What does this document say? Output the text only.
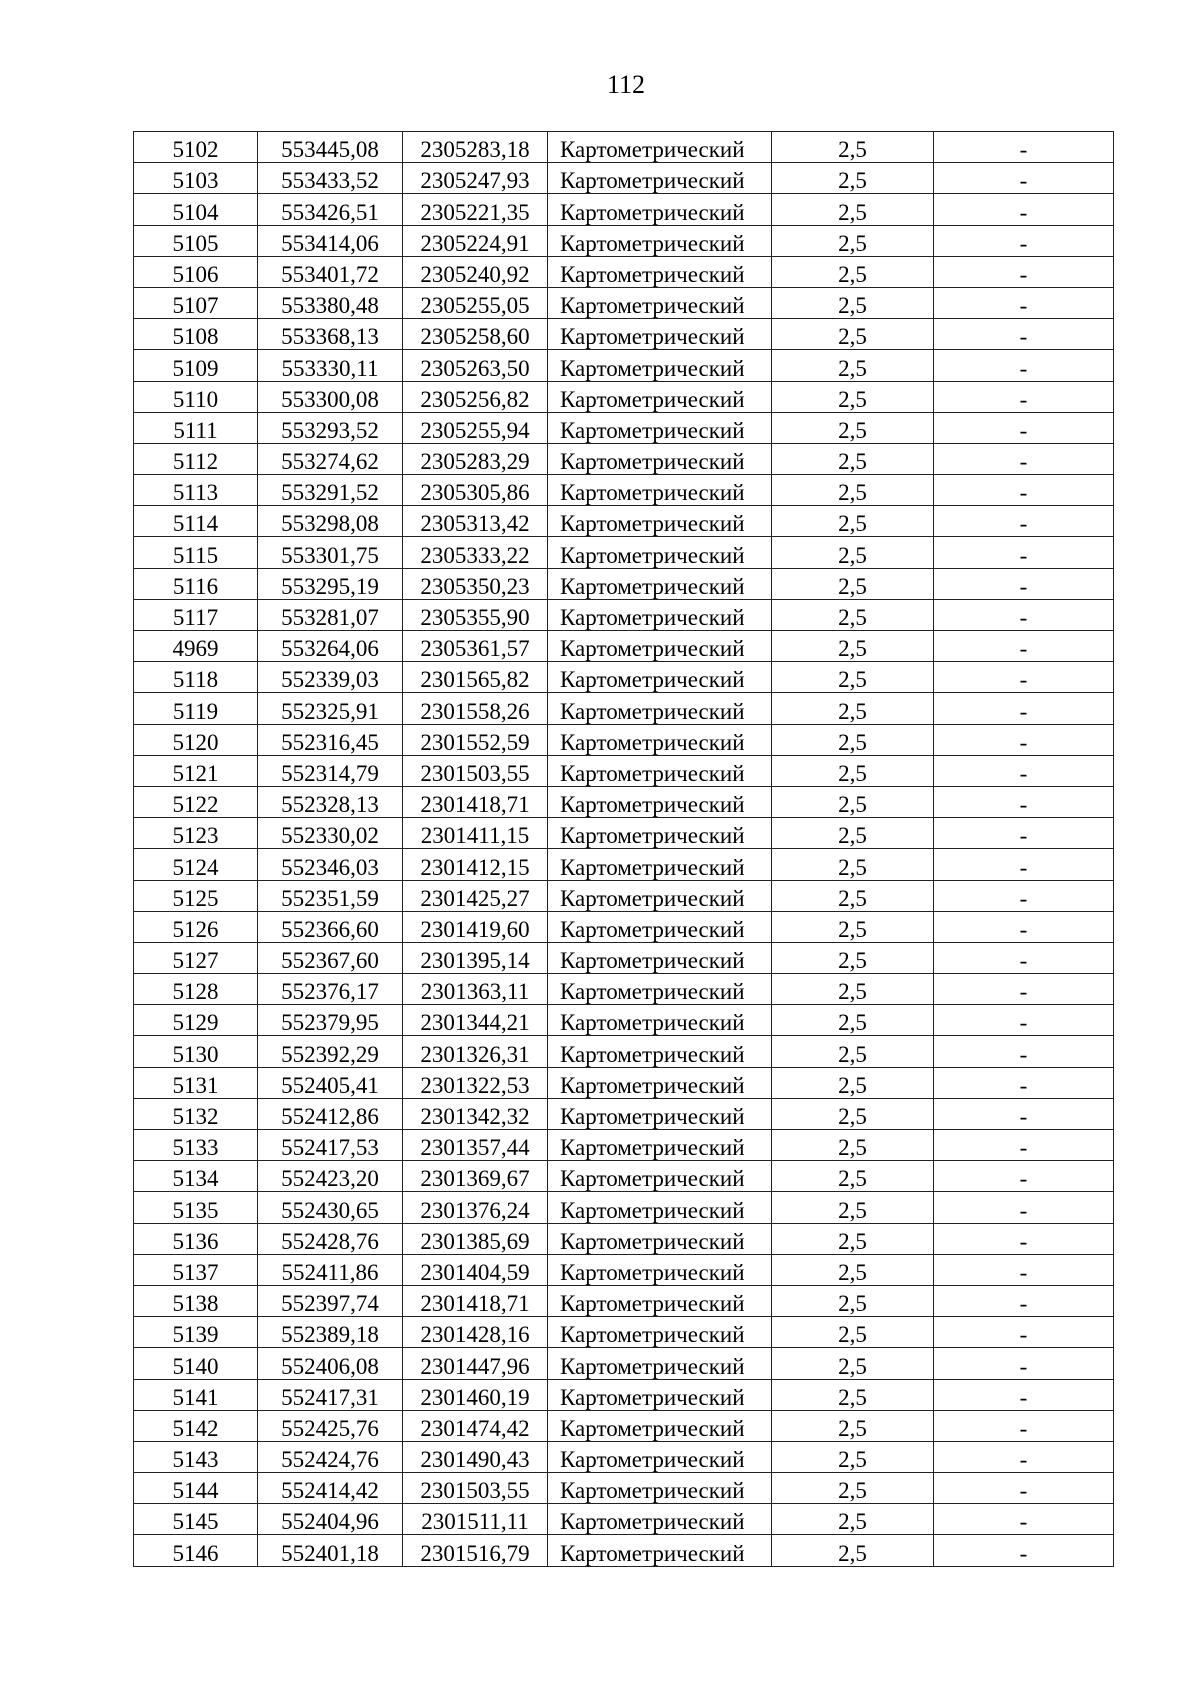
112
5102	553445,08	2305283,18	Картометрический	2,5	-
5103	553433,52	2305247,93	Картометрический	2,5	-
5104	553426,51	2305221,35	Картометрический	2,5	-
5105	553414,06	2305224,91	Картометрический	2,5	-
5106	553401,72	2305240,92	Картометрический	2,5	-
5107	553380,48	2305255,05	Картометрический	2,5	-
5108	553368,13	2305258,60	Картометрический	2,5	-
5109	553330,11	2305263,50	Картометрический	2,5	-
5110	553300,08	2305256,82	Картометрический	2,5	-
5111	553293,52	2305255,94	Картометрический	2,5	-
5112	553274,62	2305283,29	Картометрический	2,5	-
5113	553291,52	2305305,86	Картометрический	2,5	-
5114	553298,08	2305313,42	Картометрический	2,5	-
5115	553301,75	2305333,22	Картометрический	2,5	-
5116	553295,19	2305350,23	Картометрический	2,5	-
5117	553281,07	2305355,90	Картометрический	2,5	-
4969	553264,06	2305361,57	Картометрический	2,5	-
5118	552339,03	2301565,82	Картометрический	2,5	-
5119	552325,91	2301558,26	Картометрический	2,5	-
5120	552316,45	2301552,59	Картометрический	2,5	-
5121	552314,79	2301503,55	Картометрический	2,5	-
5122	552328,13	2301418,71	Картометрический	2,5	-
5123	552330,02	2301411,15	Картометрический	2,5	-
5124	552346,03	2301412,15	Картометрический	2,5	-
5125	552351,59	2301425,27	Картометрический	2,5	-
5126	552366,60	2301419,60	Картометрический	2,5	-
5127	552367,60	2301395,14	Картометрический	2,5	-
5128	552376,17	2301363,11	Картометрический	2,5	-
5129	552379,95	2301344,21	Картометрический	2,5	-
5130	552392,29	2301326,31	Картометрический	2,5	-
5131	552405,41	2301322,53	Картометрический	2,5	-
5132	552412,86	2301342,32	Картометрический	2,5	-
5133	552417,53	2301357,44	Картометрический	2,5	-
5134	552423,20	2301369,67	Картометрический	2,5	-
5135	552430,65	2301376,24	Картометрический	2,5	-
5136	552428,76	2301385,69	Картометрический	2,5	-
5137	552411,86	2301404,59	Картометрический	2,5	-
5138	552397,74	2301418,71	Картометрический	2,5	-
5139	552389,18	2301428,16	Картометрический	2,5	-
5140	552406,08	2301447,96	Картометрический	2,5	-
5141	552417,31	2301460,19	Картометрический	2,5	-
5142	552425,76	2301474,42	Картометрический	2,5	-
5143	552424,76	2301490,43	Картометрический	2,5	-
5144	552414,42	2301503,55	Картометрический	2,5	-
5145	552404,96	2301511,11	Картометрический	2,5	-
5146	552401,18	2301516,79	Картометрический	2,5	-
